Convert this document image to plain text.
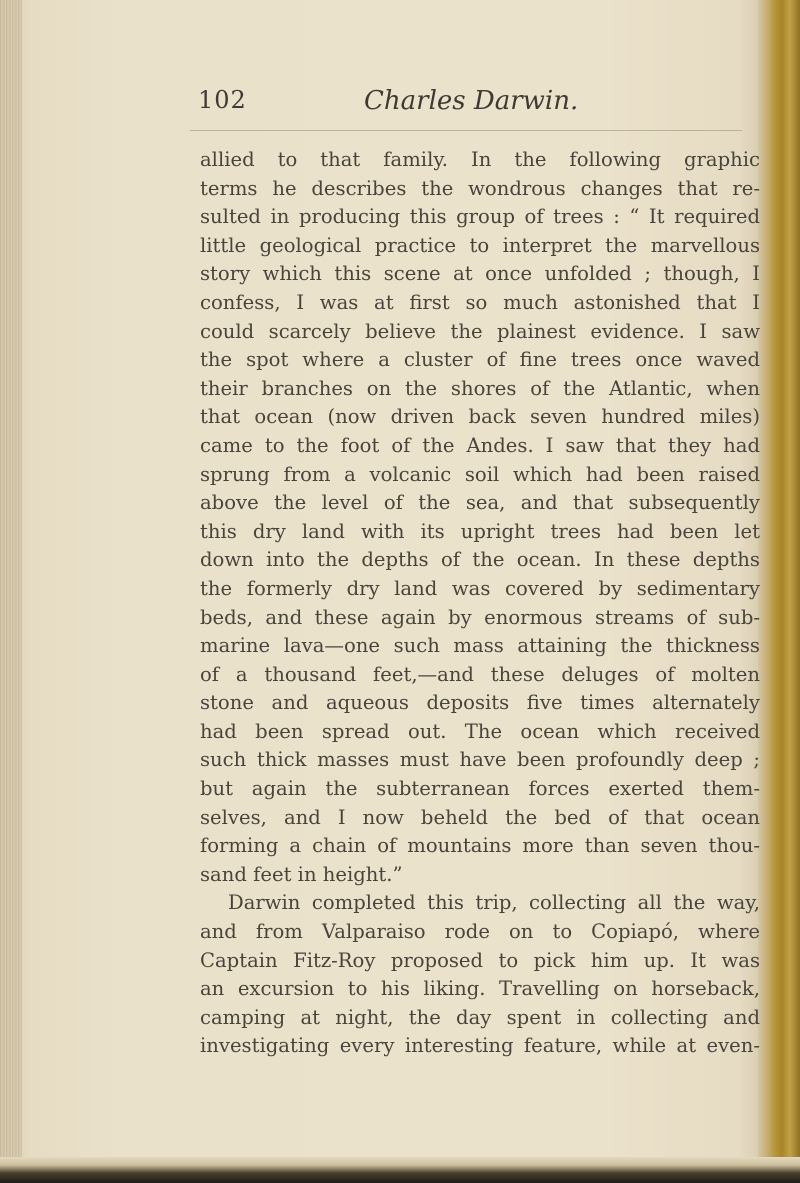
102	Charles Darwin.
allied to that family. In the following graphic
terms he describes the wondrous changes that re-
sulted in producing this group of trees : “ It required
little geological practice to interpret the marvellous
story which this scene at once unfolded ; though, I
confess, I was at first so much astonished that I
could scarcely believe the plainest evidence. I saw
the spot where a cluster of fine trees once waved
their branches on the shores of the Atlantic, when
that ocean (now driven back seven hundred miles)
came to the foot of the Andes. I saw that they had
sprung from a volcanic soil which had been raised
above the level of the sea, and that subsequently
this dry land with its upright trees had been let
down into the depths of the ocean. In these depths
the formerly dry land was covered by sedimentary
beds, and these again by enormous streams of sub-
marine lava—one such mass attaining the thickness
of a thousand feet,—and these deluges of molten
stone and aqueous deposits five times alternately
had been spread out. The ocean which received
such thick masses must have been profoundly deep ;
but again the subterranean forces exerted them-
selves, and I now beheld the bed of that ocean
forming a chain of mountains more than seven thou-
sand feet in height.”
Darwin completed this trip, collecting all the way,
and from Valparaiso rode on to Copiapó, where
Captain Fitz-Roy proposed to pick him up. It was
an excursion to his liking. Travelling on horseback,
camping at night, the day spent in collecting and
investigating every interesting feature, while at even-
